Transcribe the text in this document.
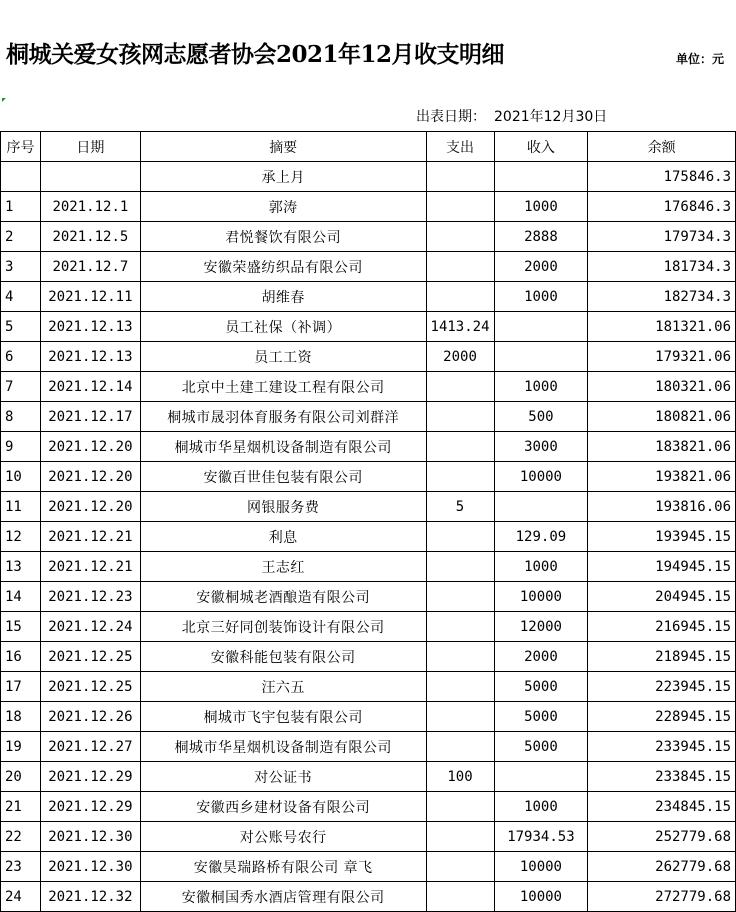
桐城关爱女孩网志愿者协会2021年12月收支明细	单位：元
出表日期： 2021年12月30日
序号	日期	摘要	支出	收入	余额
		承上月			175846.3
1	2021.12.1	郭涛		1000	176846.3
2	2021.12.5	君悦餐饮有限公司		2888	179734.3
3	2021.12.7	安徽荣盛纺织品有限公司		2000	181734.3
4	2021.12.11	胡维春		1000	182734.3
5	2021.12.13	员工社保（补调）	1413.24		181321.06
6	2021.12.13	员工工资	2000		179321.06
7	2021.12.14	北京中土建工建设工程有限公司		1000	180321.06
8	2021.12.17	桐城市晟羽体育服务有限公司刘群洋		500	180821.06
9	2021.12.20	桐城市华星烟机设备制造有限公司		3000	183821.06
10	2021.12.20	安徽百世佳包装有限公司		10000	193821.06
11	2021.12.20	网银服务费	5		193816.06
12	2021.12.21	利息		129.09	193945.15
13	2021.12.21	王志红		1000	194945.15
14	2021.12.23	安徽桐城老酒酿造有限公司		10000	204945.15
15	2021.12.24	北京三好同创装饰设计有限公司		12000	216945.15
16	2021.12.25	安徽科能包装有限公司		2000	218945.15
17	2021.12.25	汪六五		5000	223945.15
18	2021.12.26	桐城市飞宇包装有限公司		5000	228945.15
19	2021.12.27	桐城市华星烟机设备制造有限公司		5000	233945.15
20	2021.12.29	对公证书	100		233845.15
21	2021.12.29	安徽西乡建材设备有限公司		1000	234845.15
22	2021.12.30	对公账号农行		17934.53	252779.68
23	2021.12.30	安徽昊瑞路桥有限公司 章飞		10000	262779.68
24	2021.12.32	安徽桐国秀水酒店管理有限公司		10000	272779.68
